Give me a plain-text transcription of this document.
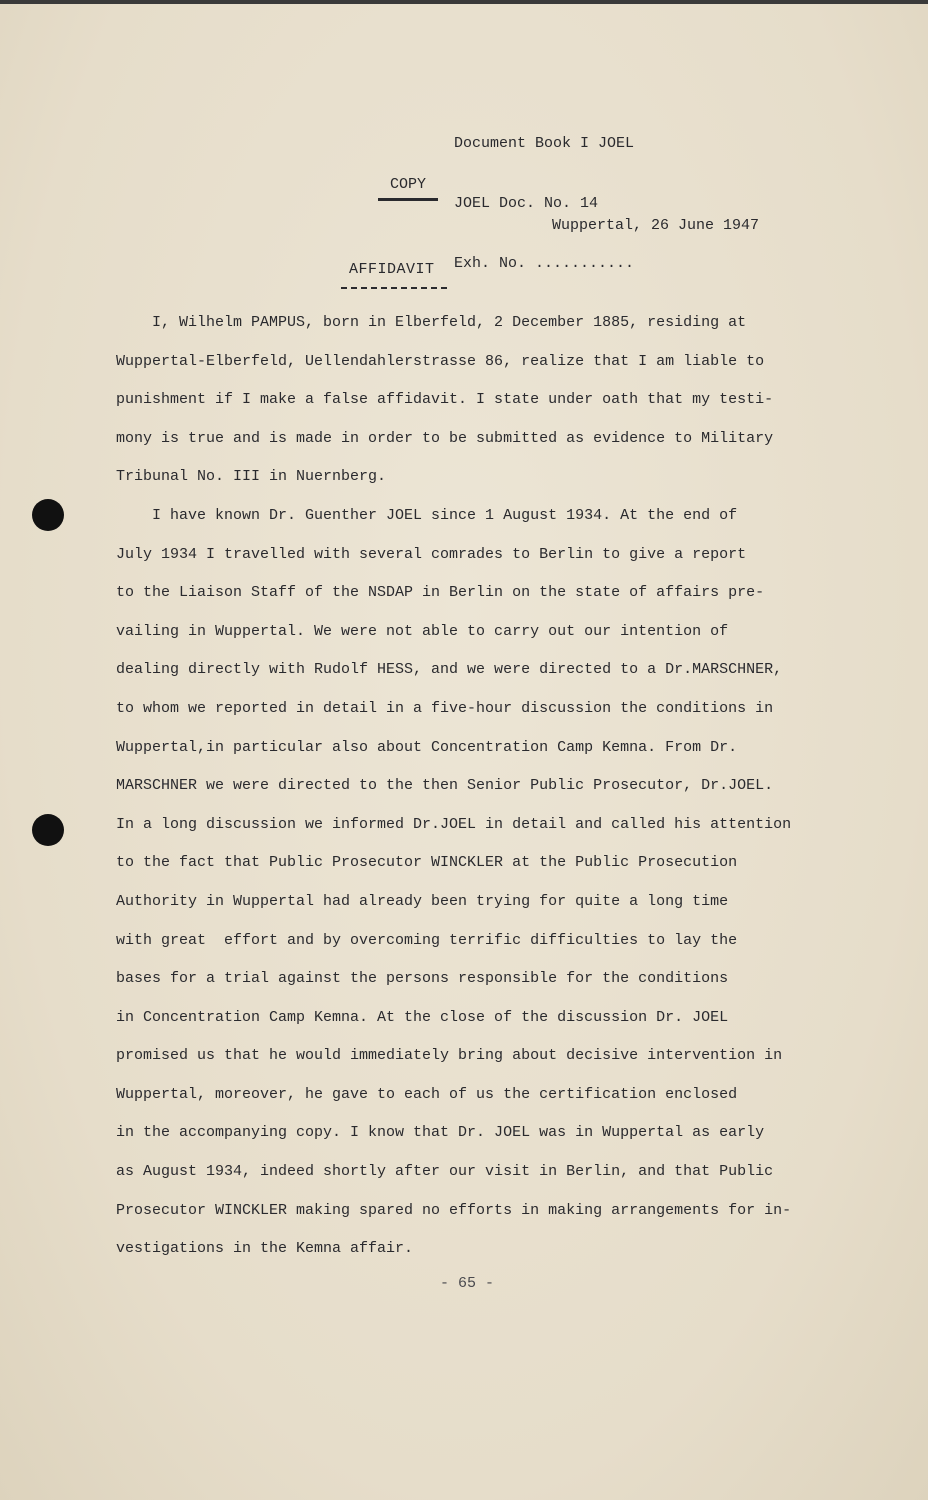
Document Book I JOEL

JOEL Doc. No. 14

Exh. No. ...........

COPY
Wuppertal, 26 June 1947
AFFIDAVIT
I, Wilhelm PAMPUS, born in Elberfeld, 2 December 1885, residing at
Wuppertal-Elberfeld, Uellendahlerstrasse 86, realize that I am liable to
punishment if I make a false affidavit. I state under oath that my testi-
mony is true and is made in order to be submitted as evidence to Military
Tribunal No. III in Nuernberg.
I have known Dr. Guenther JOEL since 1 August 1934. At the end of
July 1934 I travelled with several comrades to Berlin to give a report
to the Liaison Staff of the NSDAP in Berlin on the state of affairs pre-
vailing in Wuppertal. We were not able to carry out our intention of
dealing directly with Rudolf HESS, and we were directed to a Dr.MARSCHNER,
to whom we reported in detail in a five-hour discussion the conditions in
Wuppertal,in particular also about Concentration Camp Kemna. From Dr.
MARSCHNER we were directed to the then Senior Public Prosecutor, Dr.JOEL.
In a long discussion we informed Dr.JOEL in detail and called his attention
to the fact that Public Prosecutor WINCKLER at the Public Prosecution
Authority in Wuppertal had already been trying for quite a long time
with great  effort and by overcoming terrific difficulties to lay the
bases for a trial against the persons responsible for the conditions
in Concentration Camp Kemna. At the close of the discussion Dr. JOEL
promised us that he would immediately bring about decisive intervention in
Wuppertal, moreover, he gave to each of us the certification enclosed
in the accompanying copy. I know that Dr. JOEL was in Wuppertal as early
as August 1934, indeed shortly after our visit in Berlin, and that Public
Prosecutor WINCKLER making spared no efforts in making arrangements for in-
vestigations in the Kemna affair.
- 65 -
